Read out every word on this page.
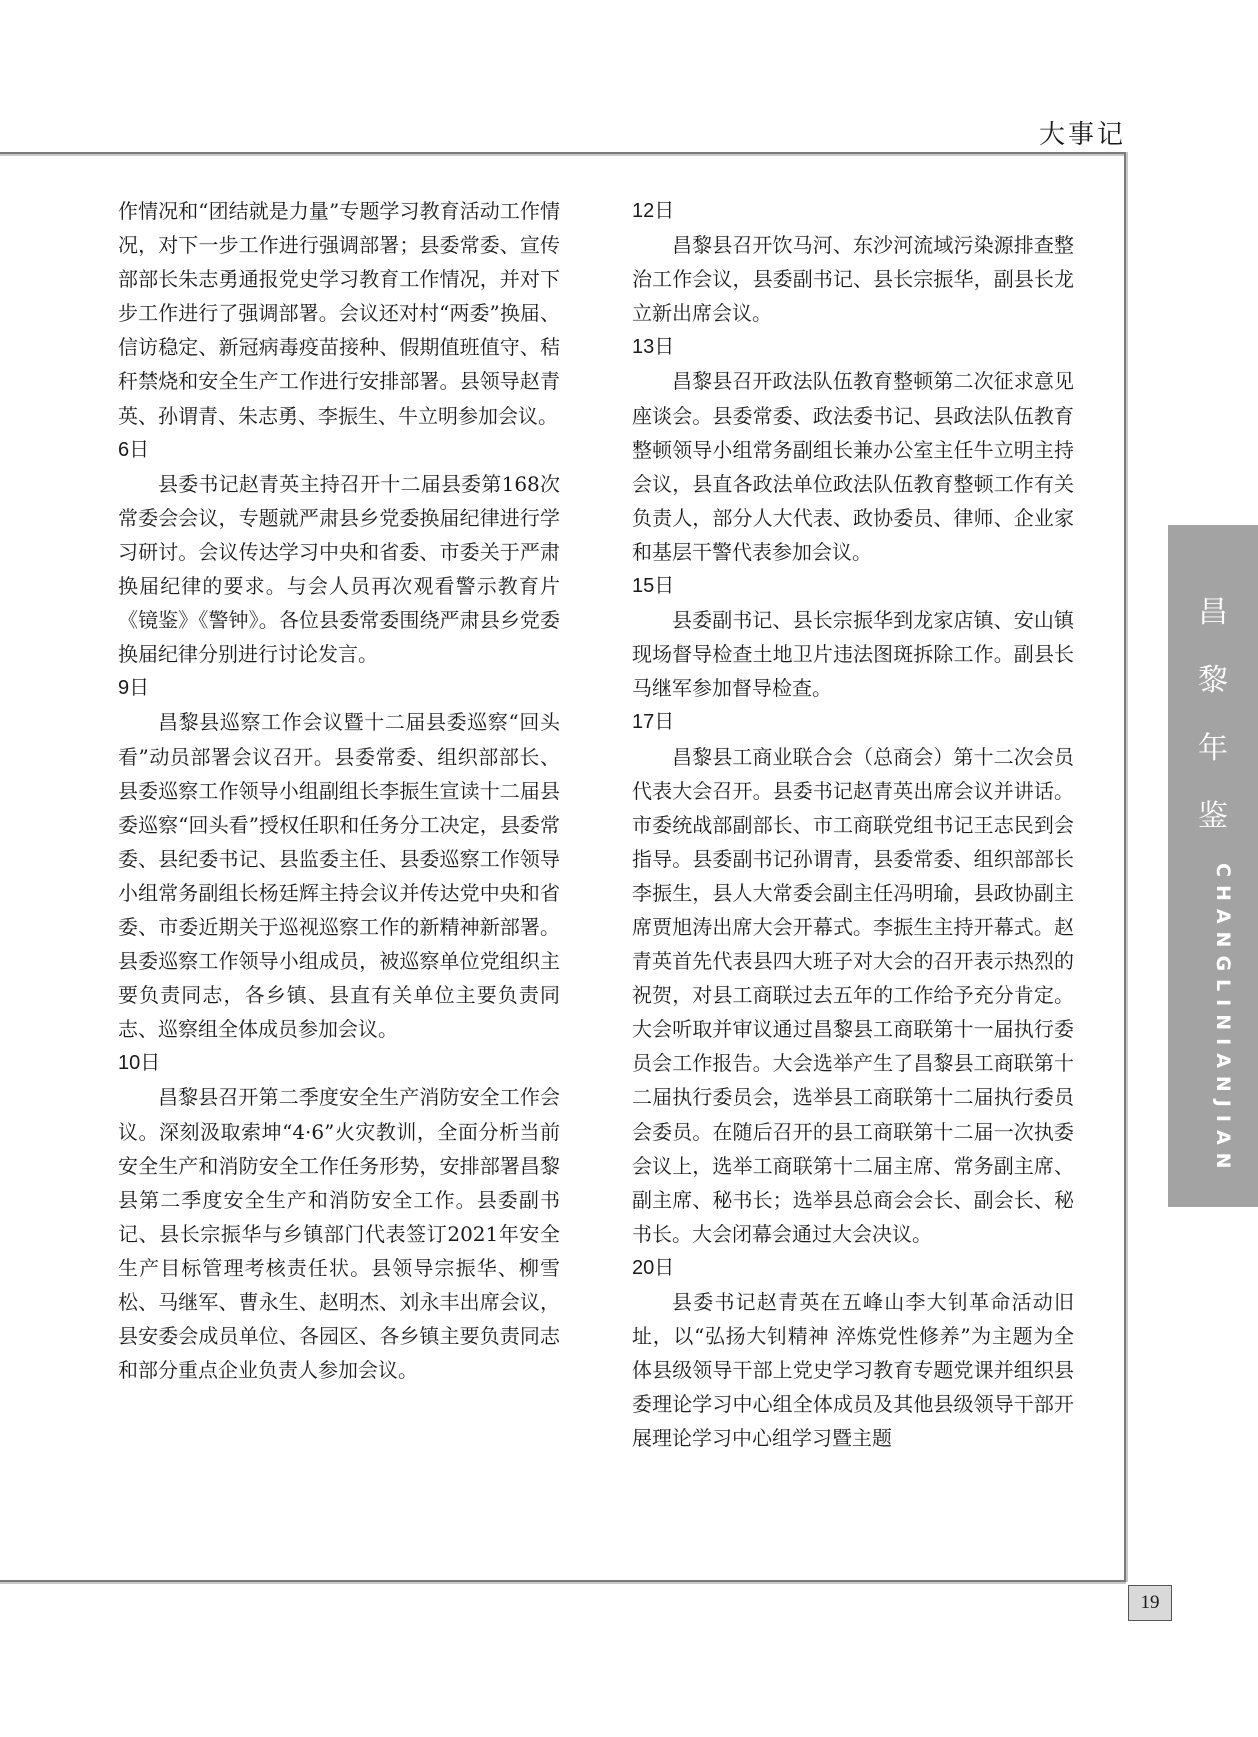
大事记
19
昌
黎
年
鉴
CHANGLINIANJIAN

作情况和“团结就是力量”专题学习教育活动工作情况，对下一步工作进行强调部署；县委常委、宣传部部长朱志勇通报党史学习教育工作情况，并对下步工作进行了强调部署。会议还对村“两委”换届、信访稳定、新冠病毒疫苗接种、假期值班值守、秸秆禁烧和安全生产工作进行安排部署。县领导赵青英、孙谓青、朱志勇、李振生、牛立明参加会议。

6日

县委书记赵青英主持召开十二届县委第168次常委会会议，专题就严肃县乡党委换届纪律进行学习研讨。会议传达学习中央和省委、市委关于严肃换届纪律的要求。与会人员再次观看警示教育片《镜鉴》《警钟》。各位县委常委围绕严肃县乡党委换届纪律分别进行讨论发言。

9日

昌黎县巡察工作会议暨十二届县委巡察“回头看”动员部署会议召开。县委常委、组织部部长、县委巡察工作领导小组副组长李振生宣读十二届县委巡察“回头看”授权任职和任务分工决定，县委常委、县纪委书记、县监委主任、县委巡察工作领导小组常务副组长杨廷辉主持会议并传达党中央和省委、市委近期关于巡视巡察工作的新精神新部署。县委巡察工作领导小组成员，被巡察单位党组织主要负责同志，各乡镇、县直有关单位主要负责同志、巡察组全体成员参加会议。

10日

昌黎县召开第二季度安全生产消防安全工作会议。深刻汲取索坤“4·6”火灾教训，全面分析当前安全生产和消防安全工作任务形势，安排部署昌黎县第二季度安全生产和消防安全工作。县委副书记、县长宗振华与乡镇部门代表签订2021年安全生产目标管理考核责任状。县领导宗振华、柳雪松、马继军、曹永生、赵明杰、刘永丰出席会议，县安委会成员单位、各园区、各乡镇主要负责同志和部分重点企业负责人参加会议。

12日

昌黎县召开饮马河、东沙河流域污染源排查整治工作会议，县委副书记、县长宗振华，副县长龙立新出席会议。

13日

昌黎县召开政法队伍教育整顿第二次征求意见座谈会。县委常委、政法委书记、县政法队伍教育整顿领导小组常务副组长兼办公室主任牛立明主持会议，县直各政法单位政法队伍教育整顿工作有关负责人，部分人大代表、政协委员、律师、企业家和基层干警代表参加会议。

15日

县委副书记、县长宗振华到龙家店镇、安山镇现场督导检查土地卫片违法图斑拆除工作。副县长马继军参加督导检查。

17日

昌黎县工商业联合会（总商会）第十二次会员代表大会召开。县委书记赵青英出席会议并讲话。市委统战部副部长、市工商联党组书记王志民到会指导。县委副书记孙谓青，县委常委、组织部部长李振生，县人大常委会副主任冯明瑜，县政协副主席贾旭涛出席大会开幕式。李振生主持开幕式。赵青英首先代表县四大班子对大会的召开表示热烈的祝贺，对县工商联过去五年的工作给予充分肯定。大会听取并审议通过昌黎县工商联第十一届执行委员会工作报告。大会选举产生了昌黎县工商联第十二届执行委员会，选举县工商联第十二届执行委员会委员。在随后召开的县工商联第十二届一次执委会议上，选举工商联第十二届主席、常务副主席、副主席、秘书长；选举县总商会会长、副会长、秘书长。大会闭幕会通过大会决议。

20日

县委书记赵青英在五峰山李大钊革命活动旧址，以“弘扬大钊精神 淬炼党性修养”为主题为全体县级领导干部上党史学习教育专题党课并组织县委理论学习中心组全体成员及其他县级领导干部开展理论学习中心组学习暨主题
